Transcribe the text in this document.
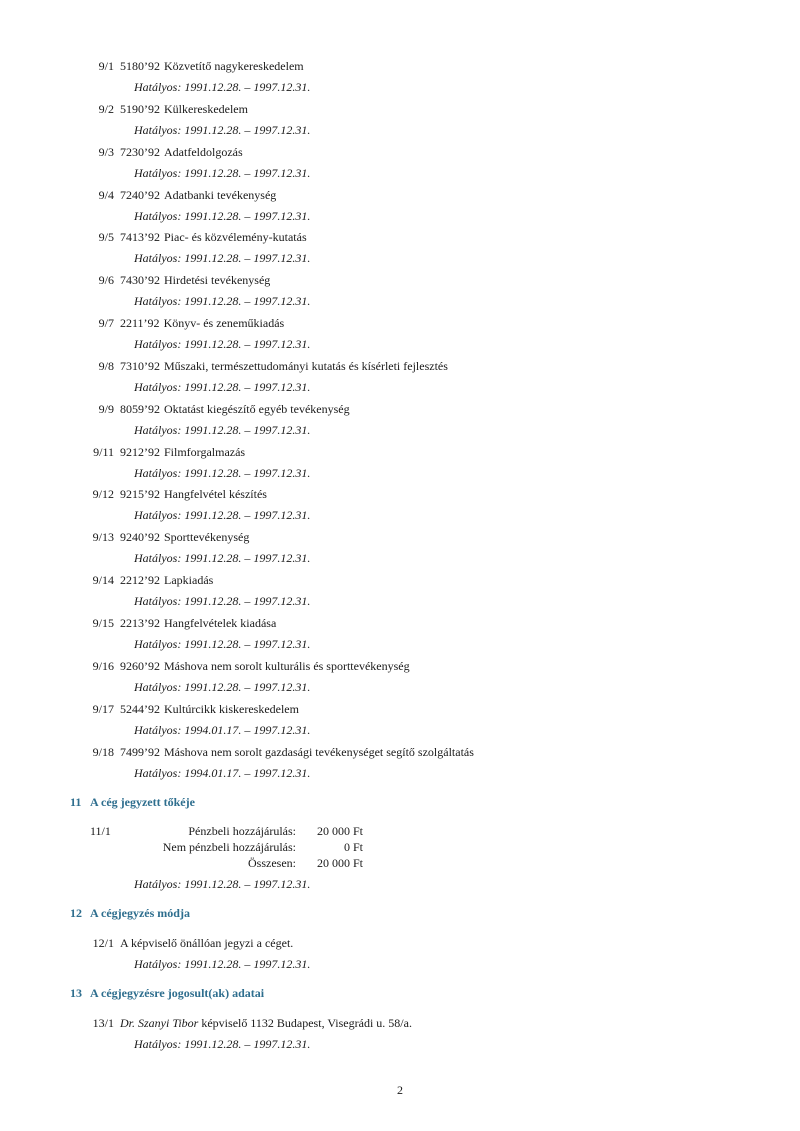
9/1 5180’92 Közvetítő nagykereskedelem
Hatályos: 1991.12.28. – 1997.12.31.
9/2 5190’92 Külkereskedelem
Hatályos: 1991.12.28. – 1997.12.31.
9/3 7230’92 Adatfeldolgozás
Hatályos: 1991.12.28. – 1997.12.31.
9/4 7240’92 Adatbanki tevékenység
Hatályos: 1991.12.28. – 1997.12.31.
9/5 7413’92 Piac- és közvélemény-kutatás
Hatályos: 1991.12.28. – 1997.12.31.
9/6 7430’92 Hirdetési tevékenység
Hatályos: 1991.12.28. – 1997.12.31.
9/7 2211’92 Könyv- és zeneműkiadás
Hatályos: 1991.12.28. – 1997.12.31.
9/8 7310’92 Műszaki, természettudományi kutatás és kísérleti fejlesztés
Hatályos: 1991.12.28. – 1997.12.31.
9/9 8059’92 Oktatást kiegészítő egyéb tevékenység
Hatályos: 1991.12.28. – 1997.12.31.
9/11 9212’92 Filmforgalmazás
Hatályos: 1991.12.28. – 1997.12.31.
9/12 9215’92 Hangfelvétel készítés
Hatályos: 1991.12.28. – 1997.12.31.
9/13 9240’92 Sporttevékenység
Hatályos: 1991.12.28. – 1997.12.31.
9/14 2212’92 Lapkiadás
Hatályos: 1991.12.28. – 1997.12.31.
9/15 2213’92 Hangfelvételek kiadása
Hatályos: 1991.12.28. – 1997.12.31.
9/16 9260’92 Máshova nem sorolt kulturális és sporttevékenység
Hatályos: 1991.12.28. – 1997.12.31.
9/17 5244’92 Kultúrcikk kiskereskedelem
Hatályos: 1994.01.17. – 1997.12.31.
9/18 7499’92 Máshova nem sorolt gazdasági tevékenységet segítő szolgáltatás
Hatályos: 1994.01.17. – 1997.12.31.
11 A cég jegyzett tőkéje
11/1	Pénzbeli hozzájárulás: 20 000 Ft
Nem pénzbeli hozzájárulás:	0 Ft
Összesen: 20 000 Ft
Hatályos: 1991.12.28. – 1997.12.31.
12 A cégjegyzés módja
12/1 A képviselő önállóan jegyzi a céget.
Hatályos: 1991.12.28. – 1997.12.31.
13 A cégjegyzésre jogosult(ak) adatai
13/1 Dr. Szanyi Tibor képviselő 1132 Budapest, Visegrádi u. 58/a.
Hatályos: 1991.12.28. – 1997.12.31.
2
